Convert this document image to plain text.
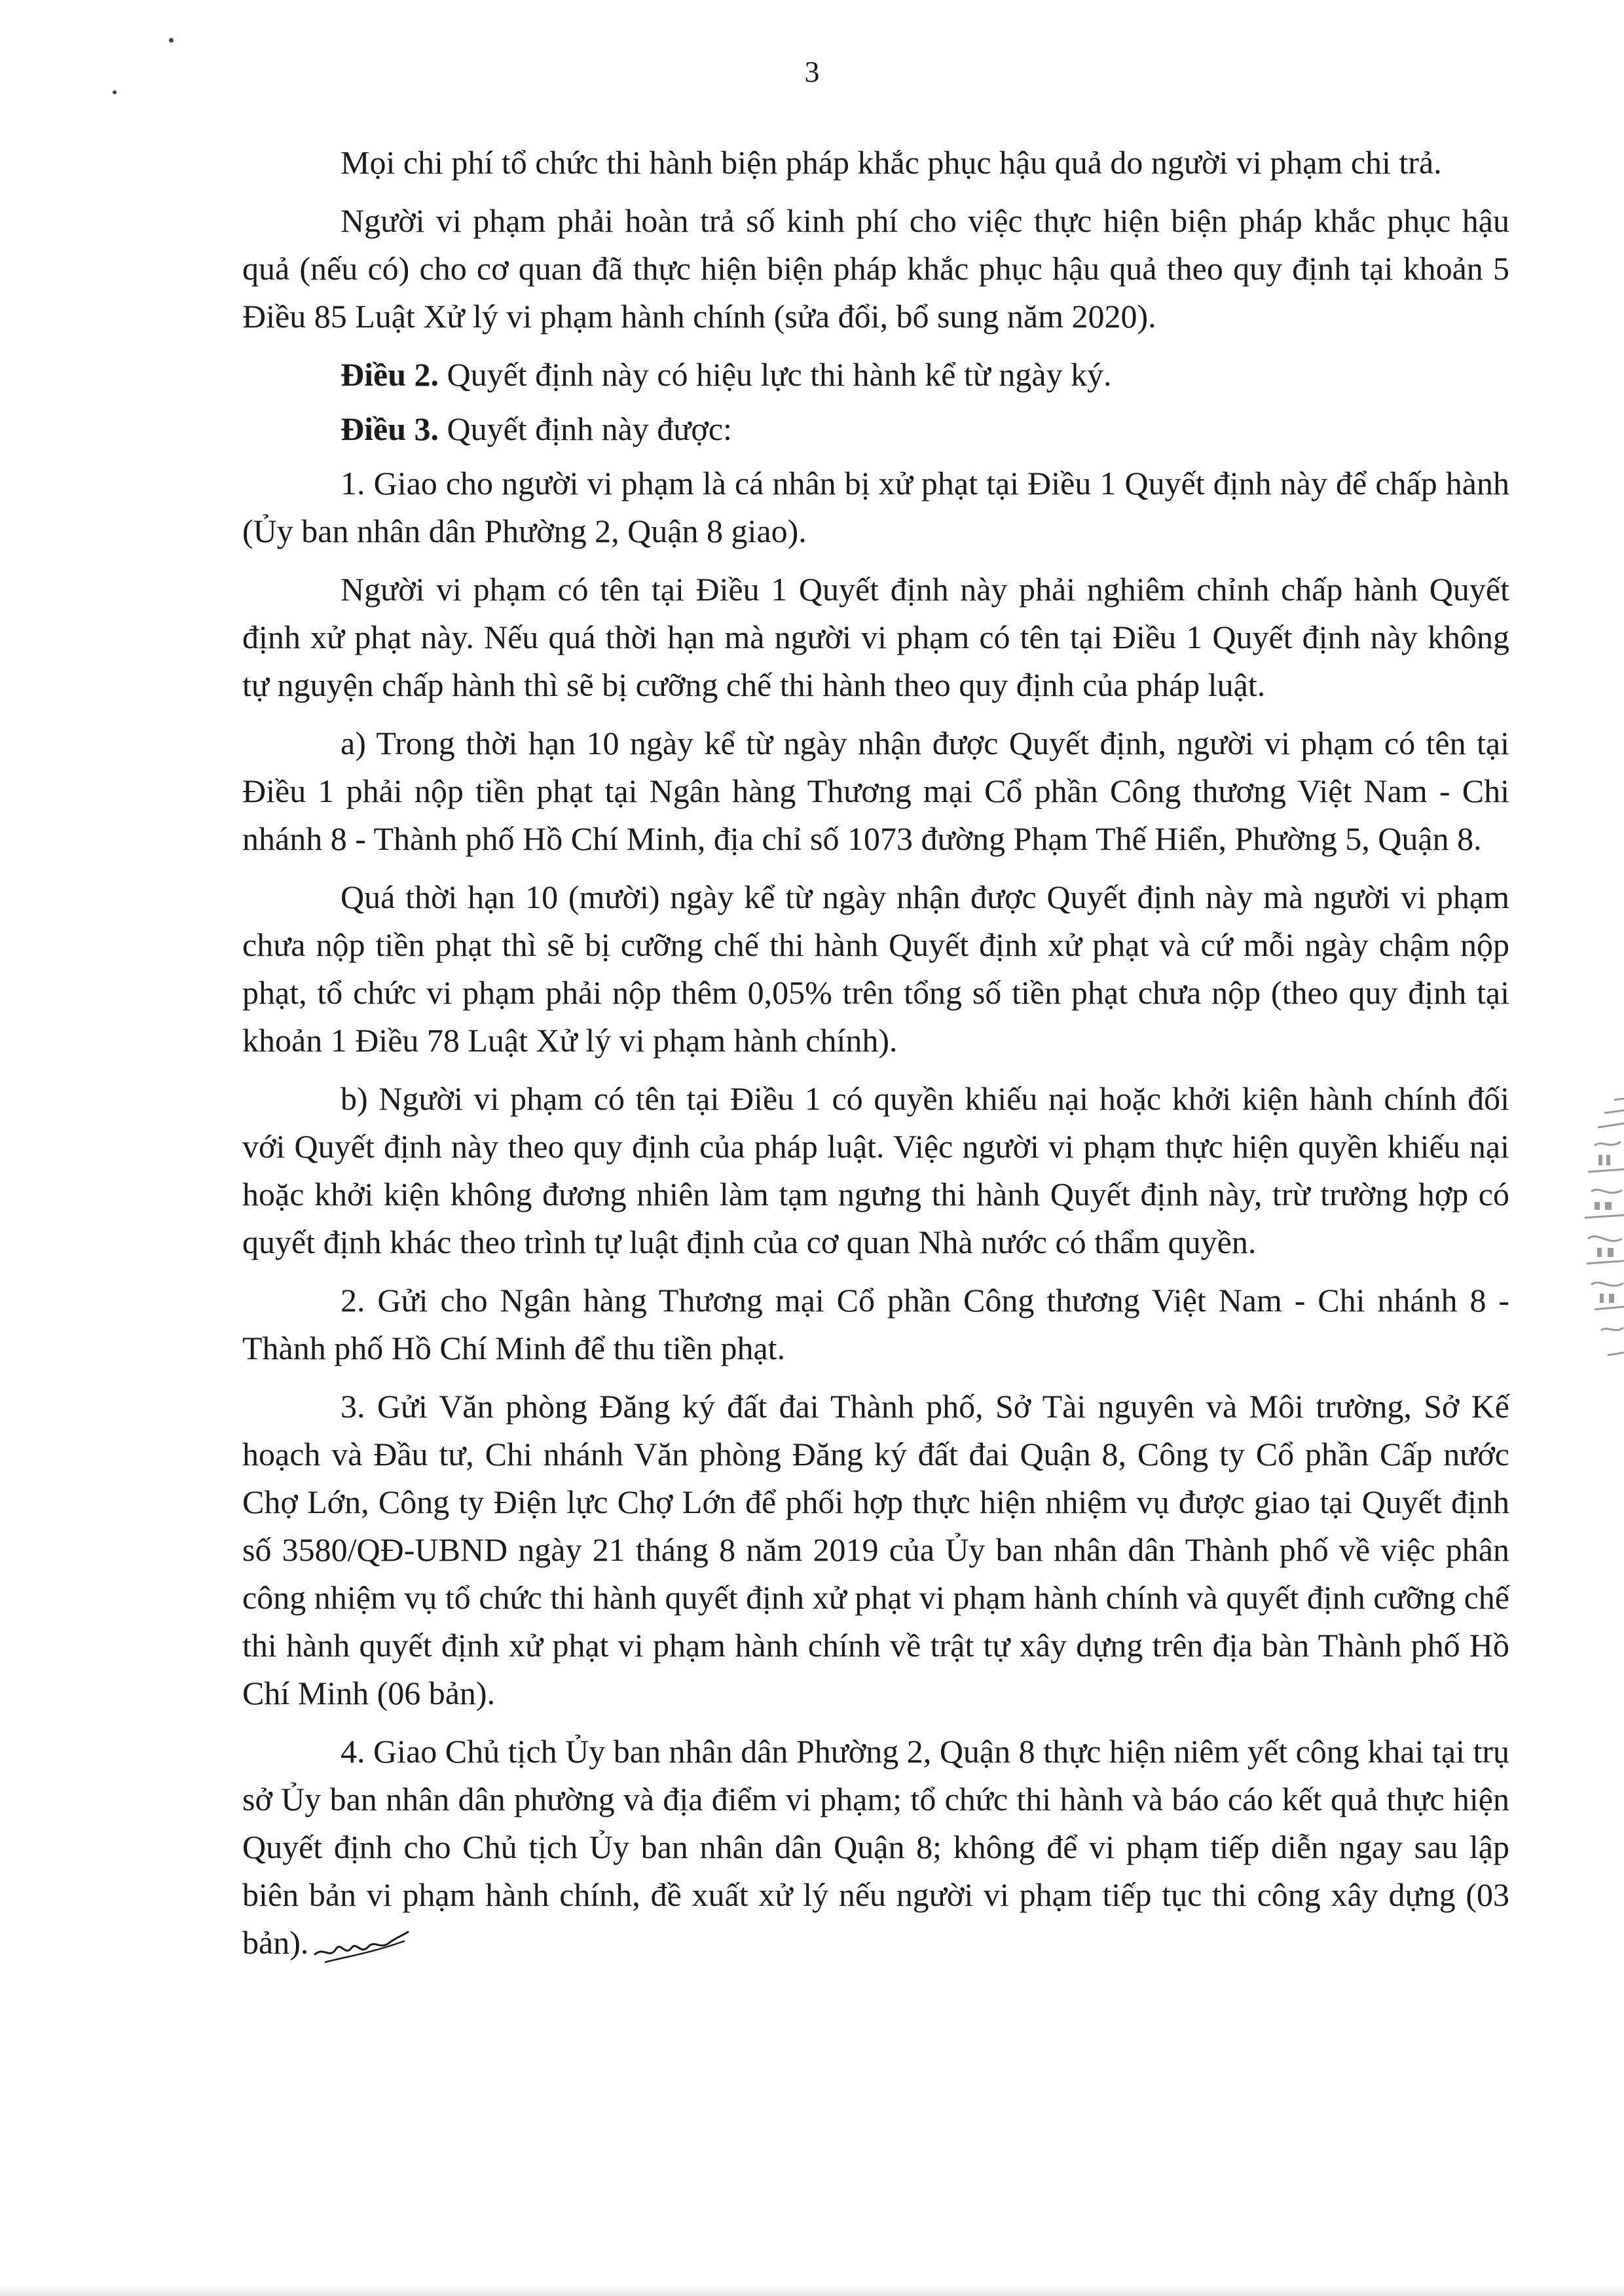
3

Mọi chi phí tổ chức thi hành biện pháp khắc phục hậu quả do người vi phạm chi trả.

Người vi phạm phải hoàn trả số kinh phí cho việc thực hiện biện pháp khắc phục hậu quả (nếu có) cho cơ quan đã thực hiện biện pháp khắc phục hậu quả theo quy định tại khoản 5 Điều 85 Luật Xử lý vi phạm hành chính (sửa đổi, bổ sung năm 2020).

Điều 2. Quyết định này có hiệu lực thi hành kể từ ngày ký.

Điều 3. Quyết định này được:

1. Giao cho người vi phạm là cá nhân bị xử phạt tại Điều 1 Quyết định này để chấp hành (Ủy ban nhân dân Phường 2, Quận 8 giao).

Người vi phạm có tên tại Điều 1 Quyết định này phải nghiêm chỉnh chấp hành Quyết định xử phạt này. Nếu quá thời hạn mà người vi phạm có tên tại Điều 1 Quyết định này không tự nguyện chấp hành thì sẽ bị cưỡng chế thi hành theo quy định của pháp luật.

a) Trong thời hạn 10 ngày kể từ ngày nhận được Quyết định, người vi phạm có tên tại Điều 1 phải nộp tiền phạt tại Ngân hàng Thương mại Cổ phần Công thương Việt Nam - Chi nhánh 8 - Thành phố Hồ Chí Minh, địa chỉ số 1073 đường Phạm Thế Hiển, Phường 5, Quận 8.

Quá thời hạn 10 (mười) ngày kể từ ngày nhận được Quyết định này mà người vi phạm chưa nộp tiền phạt thì sẽ bị cưỡng chế thi hành Quyết định xử phạt và cứ mỗi ngày chậm nộp phạt, tổ chức vi phạm phải nộp thêm 0,05% trên tổng số tiền phạt chưa nộp (theo quy định tại khoản 1 Điều 78 Luật Xử lý vi phạm hành chính).

b) Người vi phạm có tên tại Điều 1 có quyền khiếu nại hoặc khởi kiện hành chính đối với Quyết định này theo quy định của pháp luật. Việc người vi phạm thực hiện quyền khiếu nại hoặc khởi kiện không đương nhiên làm tạm ngưng thi hành Quyết định này, trừ trường hợp có quyết định khác theo trình tự luật định của cơ quan Nhà nước có thẩm quyền.

2. Gửi cho Ngân hàng Thương mại Cổ phần Công thương Việt Nam - Chi nhánh 8 - Thành phố Hồ Chí Minh để thu tiền phạt.

3. Gửi Văn phòng Đăng ký đất đai Thành phố, Sở Tài nguyên và Môi trường, Sở Kế hoạch và Đầu tư, Chi nhánh Văn phòng Đăng ký đất đai Quận 8, Công ty Cổ phần Cấp nước Chợ Lớn, Công ty Điện lực Chợ Lớn để phối hợp thực hiện nhiệm vụ được giao tại Quyết định số 3580/QĐ-UBND ngày 21 tháng 8 năm 2019 của Ủy ban nhân dân Thành phố về việc phân công nhiệm vụ tổ chức thi hành quyết định xử phạt vi phạm hành chính và quyết định cưỡng chế thi hành quyết định xử phạt vi phạm hành chính về trật tự xây dựng trên địa bàn Thành phố Hồ Chí Minh (06 bản).

4. Giao Chủ tịch Ủy ban nhân dân Phường 2, Quận 8 thực hiện niêm yết công khai tại trụ sở Ủy ban nhân dân phường và địa điểm vi phạm; tổ chức thi hành và báo cáo kết quả thực hiện Quyết định cho Chủ tịch Ủy ban nhân dân Quận 8; không để vi phạm tiếp diễn ngay sau lập biên bản vi phạm hành chính, đề xuất xử lý nếu người vi phạm tiếp tục thi công xây dựng (03 bản).
